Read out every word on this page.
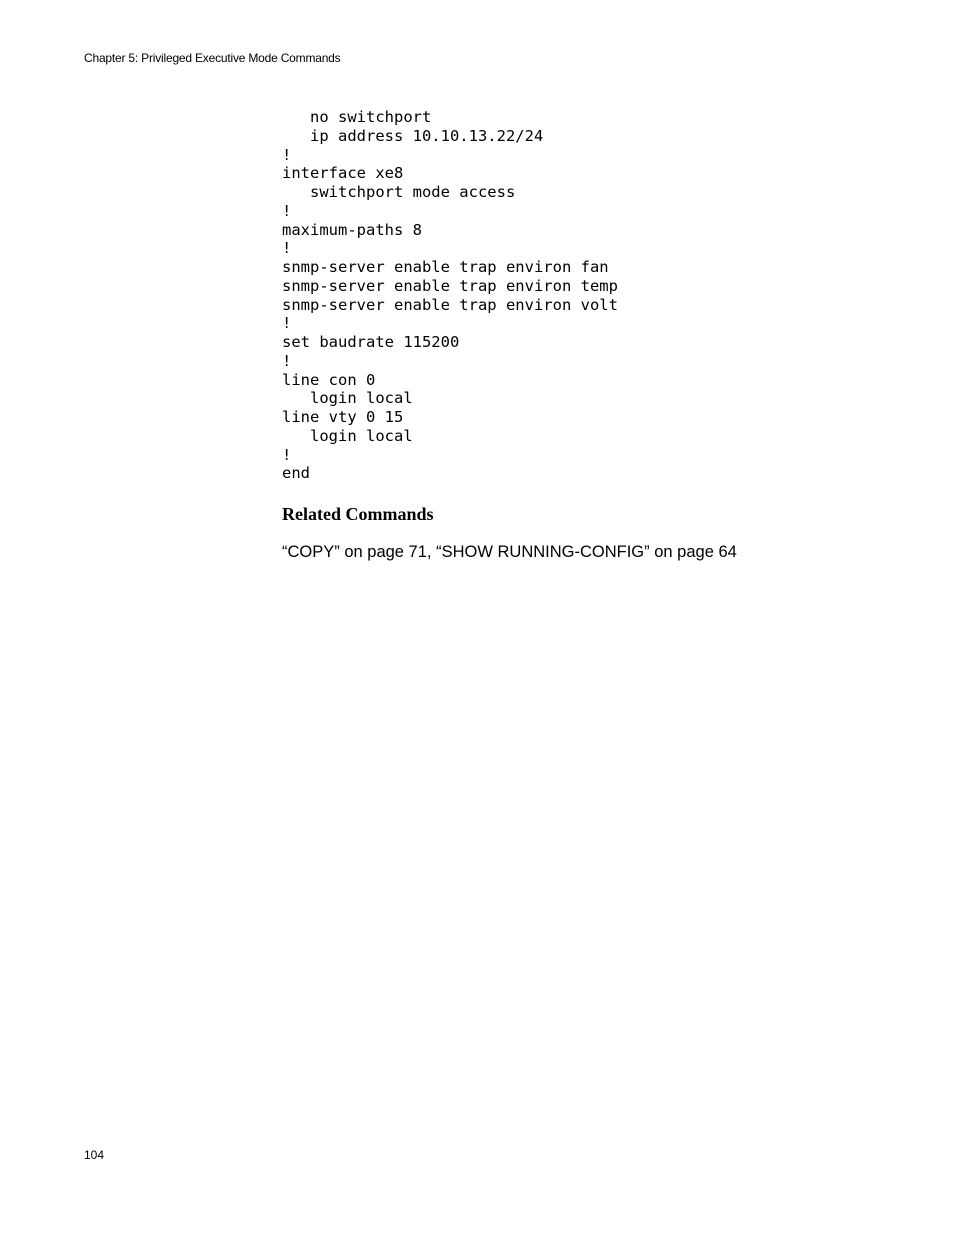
Chapter 5: Privileged Executive Mode Commands
no switchport
ip address 10.10.13.22/24
!
interface xe8
switchport mode access
!
maximum-paths 8
!
snmp-server enable trap environ fan
snmp-server enable trap environ temp
snmp-server enable trap environ volt
!
set baudrate 115200
!
line con 0
login local
line vty 0 15
login local
!
end
Related Commands

“COPY” on page 71, “SHOW RUNNING-CONFIG” on page 64

104
